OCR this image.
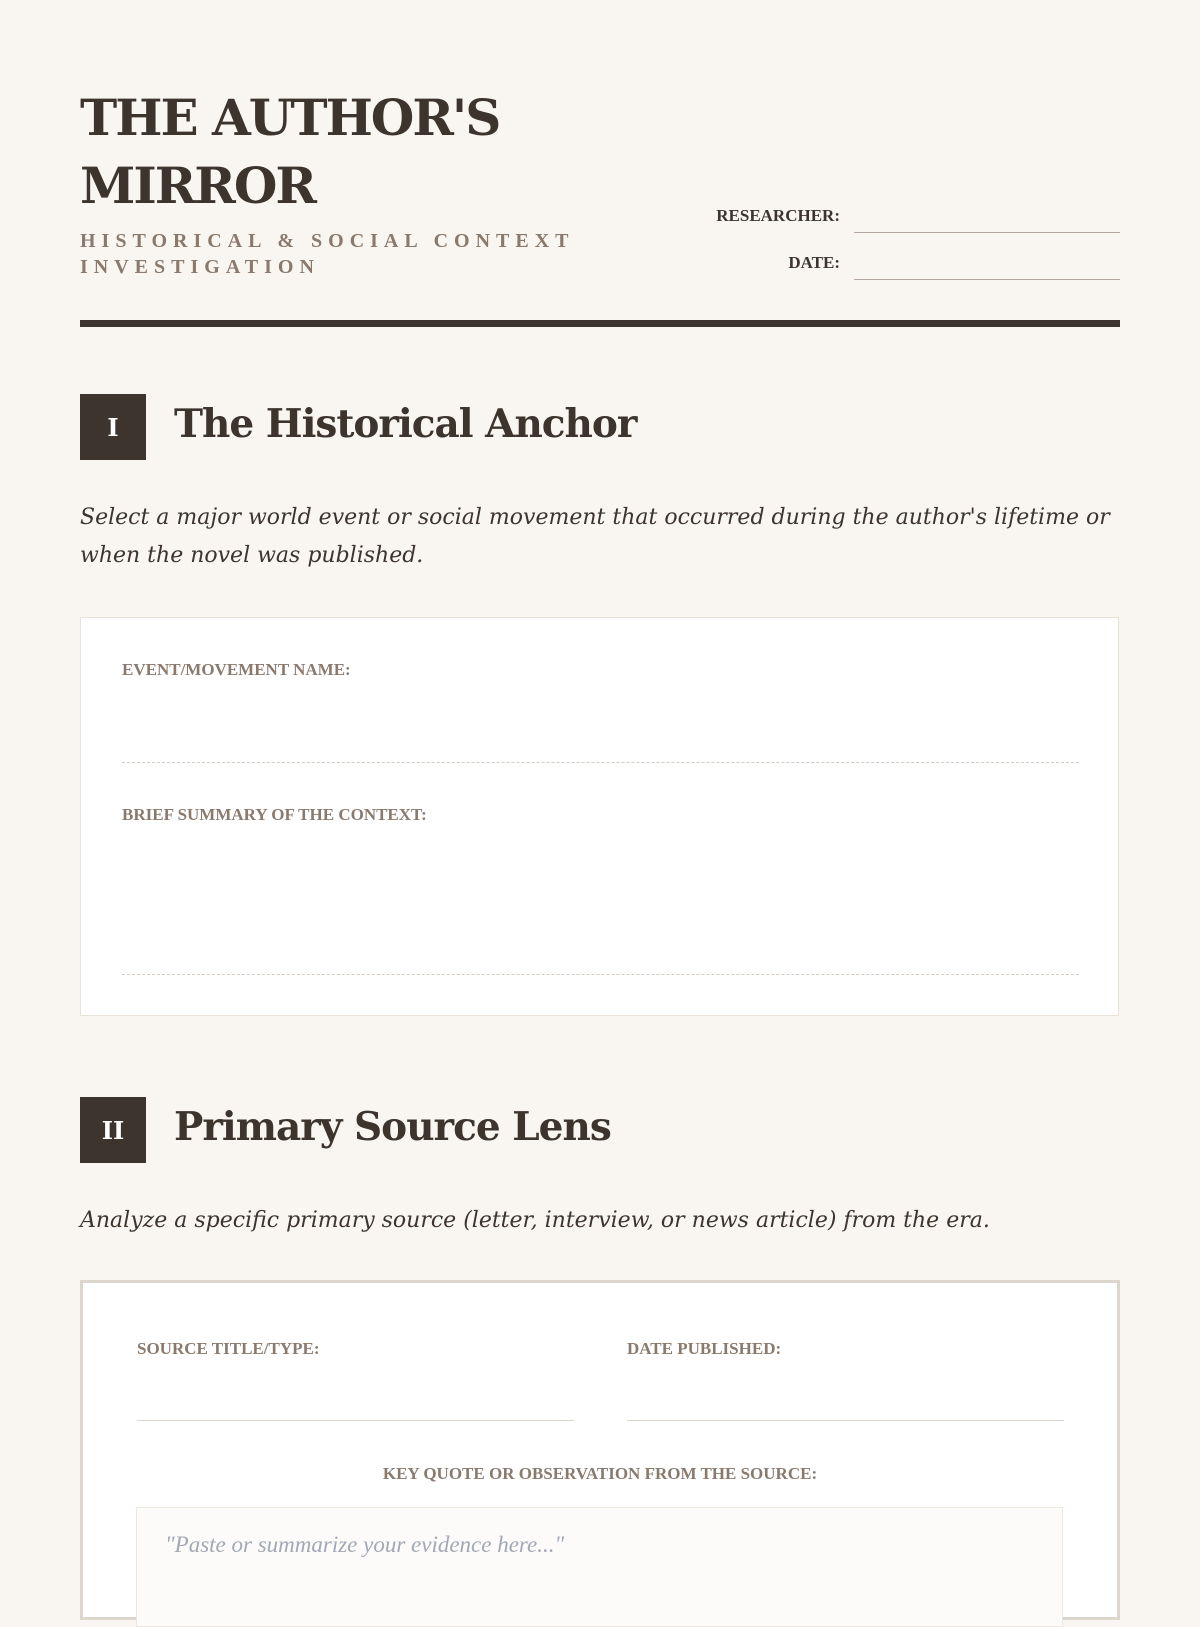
THE AUTHOR'S MIRROR
HISTORICAL & SOCIAL CONTEXT INVESTIGATION
RESEARCHER:
DATE:
I	The Historical Anchor
Select a major world event or social movement that occurred during the author's lifetime or when the novel was published.
EVENT/MOVEMENT NAME:
BRIEF SUMMARY OF THE CONTEXT:
II	Primary Source Lens
Analyze a specific primary source (letter, interview, or news article) from the era.
SOURCE TITLE/TYPE:	DATE PUBLISHED:
KEY QUOTE OR OBSERVATION FROM THE SOURCE:
"Paste or summarize your evidence here..."
